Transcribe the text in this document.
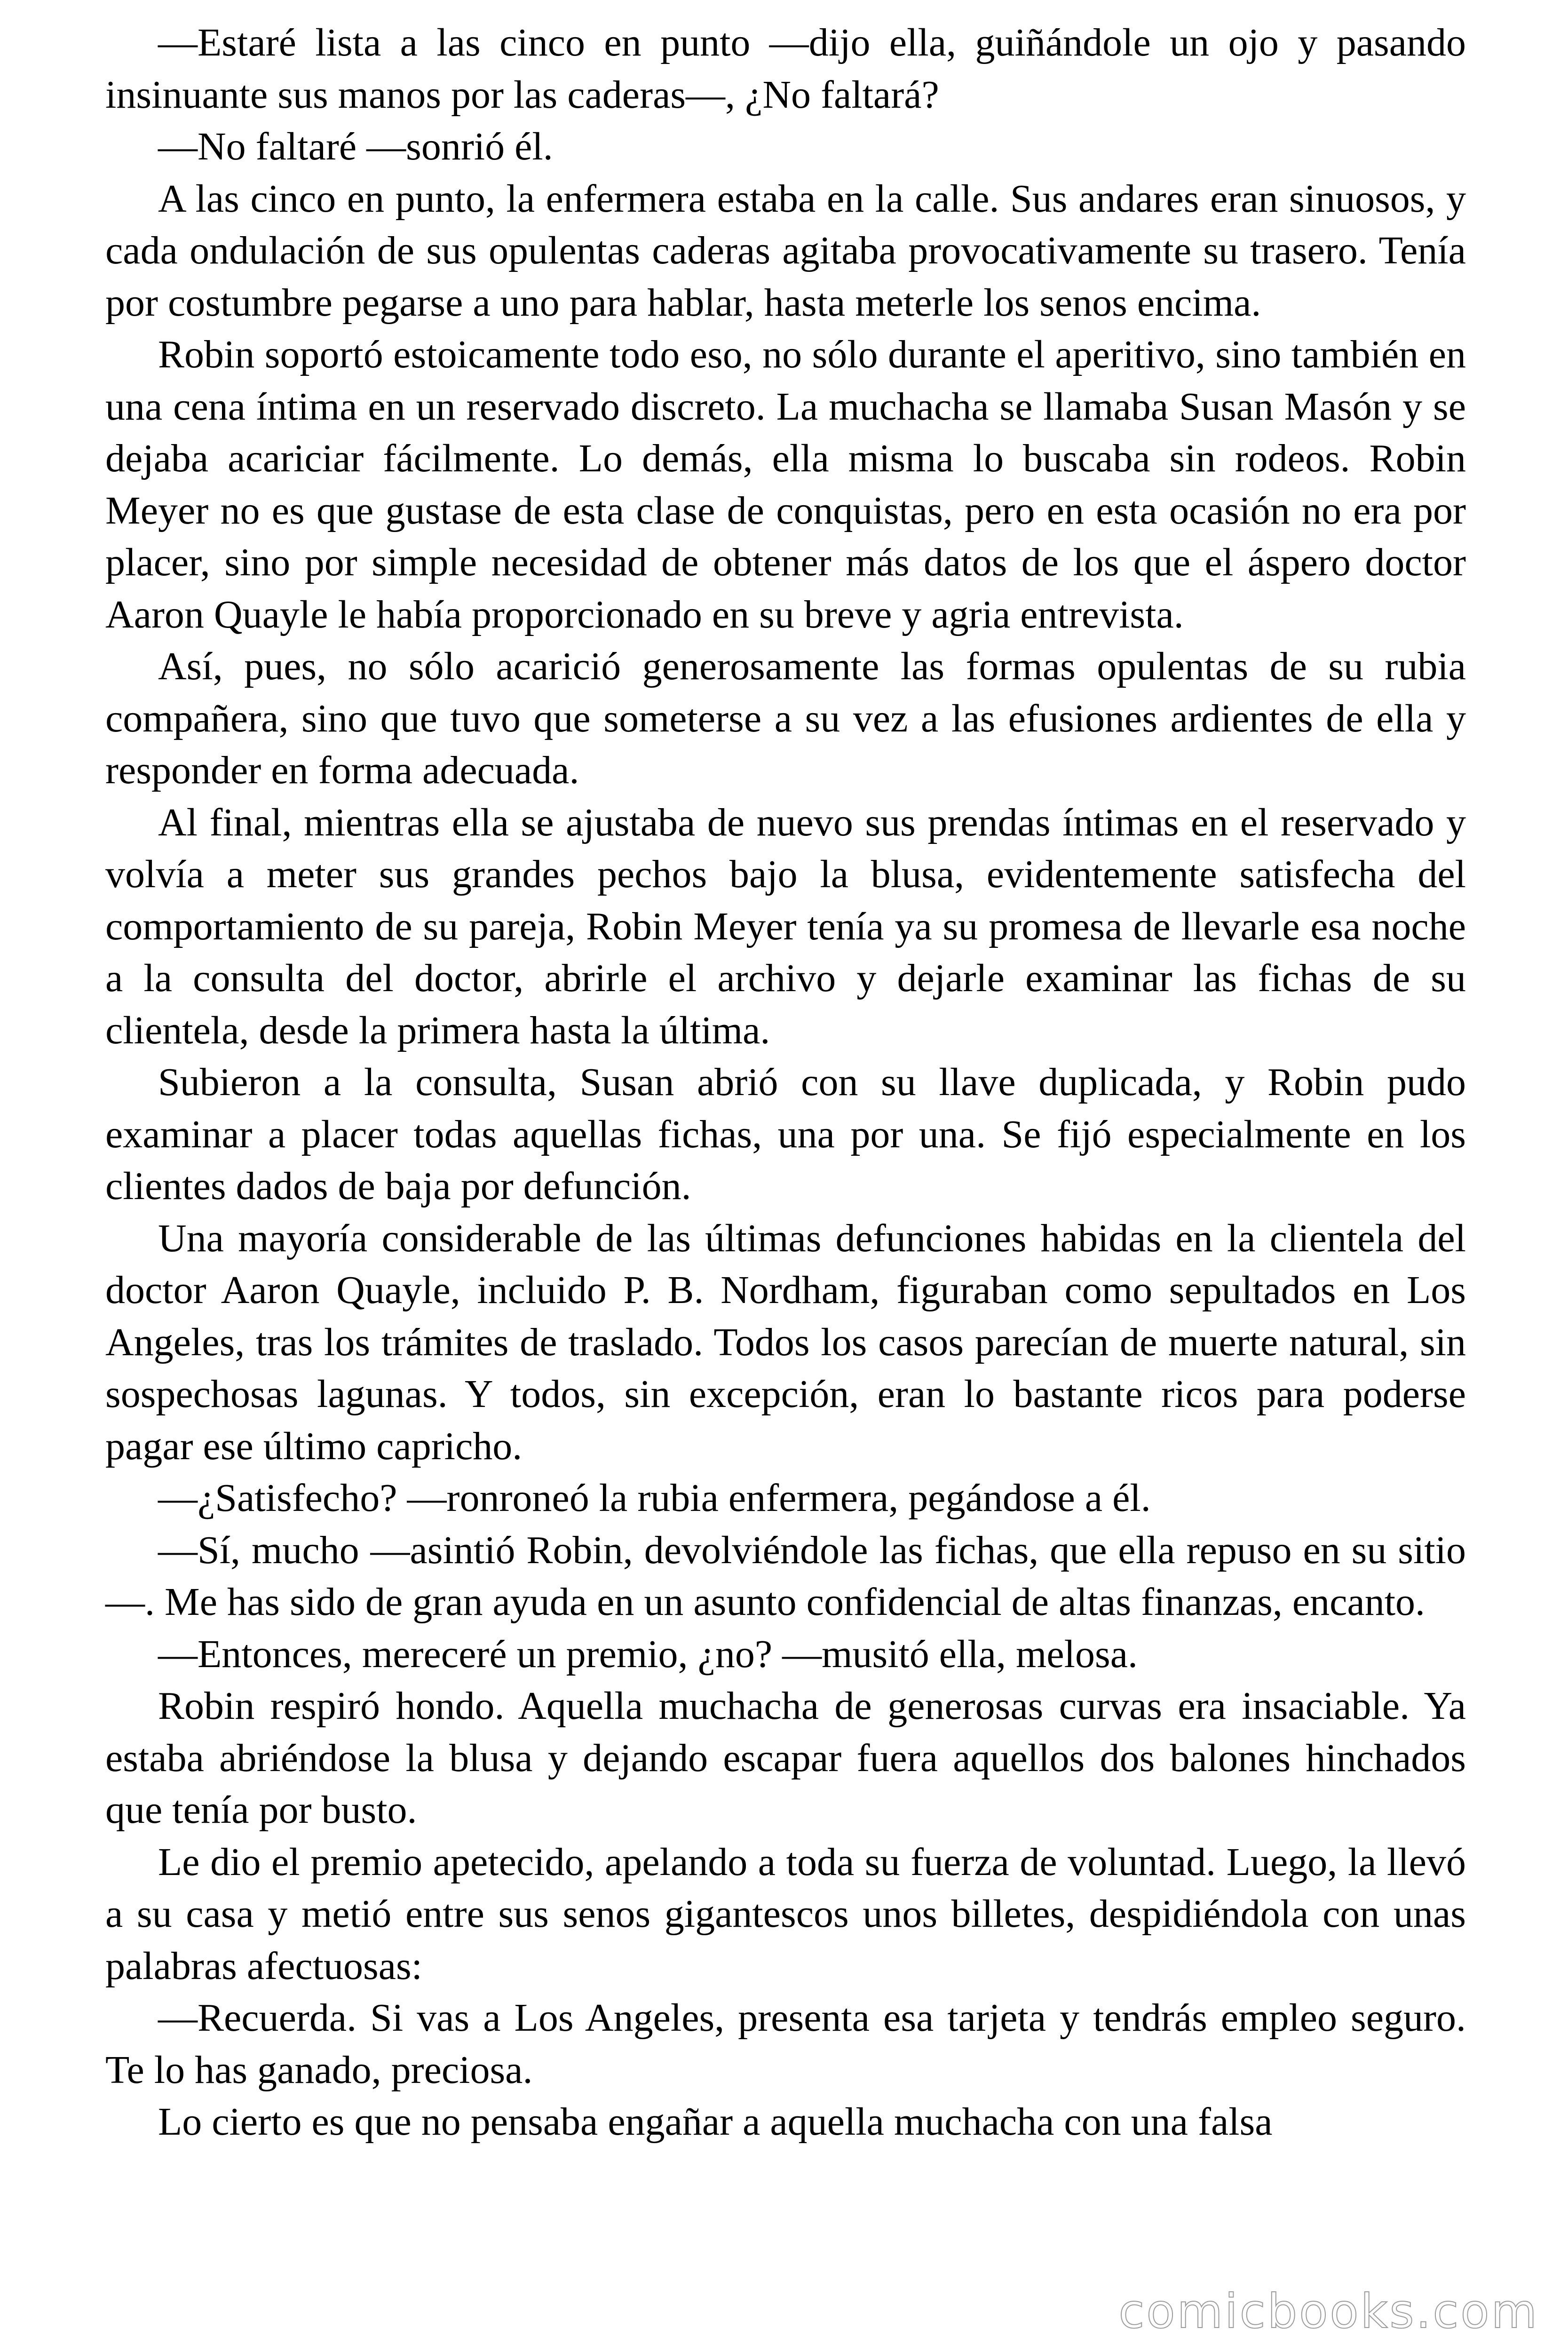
—Estaré lista a las cinco en punto —dijo ella, guiñándole un ojo y pasando insinuante sus manos por las caderas—, ¿No faltará?

—No faltaré —sonrió él.

A las cinco en punto, la enfermera estaba en la calle. Sus andares eran sinuosos, y cada ondulación de sus opulentas caderas agitaba provocativamente su trasero. Tenía por costumbre pegarse a uno para hablar, hasta meterle los senos encima.

Robin soportó estoicamente todo eso, no sólo durante el aperitivo, sino también en una cena íntima en un reservado discreto. La muchacha se llamaba Susan Masón y se dejaba acariciar fácilmente. Lo demás, ella misma lo buscaba sin rodeos. Robin Meyer no es que gustase de esta clase de conquistas, pero en esta ocasión no era por placer, sino por simple necesidad de obtener más datos de los que el áspero doctor Aaron Quayle le había proporcionado en su breve y agria entrevista.

Así, pues, no sólo acarició generosamente las formas opulentas de su rubia compañera, sino que tuvo que someterse a su vez a las efusiones ardientes de ella y responder en forma adecuada.

Al final, mientras ella se ajustaba de nuevo sus prendas íntimas en el reservado y volvía a meter sus grandes pechos bajo la blusa, evidentemente satisfecha del comportamiento de su pareja, Robin Meyer tenía ya su promesa de llevarle esa noche a la consulta del doctor, abrirle el archivo y dejarle examinar las fichas de su clientela, desde la primera hasta la última.

Subieron a la consulta, Susan abrió con su llave duplicada, y Robin pudo examinar a placer todas aquellas fichas, una por una. Se fijó especialmente en los clientes dados de baja por defunción.

Una mayoría considerable de las últimas defunciones habidas en la clientela del doctor Aaron Quayle, incluido P. B. Nordham, figuraban como sepultados en Los Angeles, tras los trámites de traslado. Todos los casos parecían de muerte natural, sin sospechosas lagunas. Y todos, sin excepción, eran lo bastante ricos para poderse pagar ese último capricho.

—¿Satisfecho? —ronroneó la rubia enfermera, pegándose a él.

—Sí, mucho —asintió Robin, devolviéndole las fichas, que ella repuso en su sitio—. Me has sido de gran ayuda en un asunto confidencial de altas finanzas, encanto.

—Entonces, mereceré un premio, ¿no? —musitó ella, melosa.

Robin respiró hondo. Aquella muchacha de generosas curvas era insaciable. Ya estaba abriéndose la blusa y dejando escapar fuera aquellos dos balones hinchados que tenía por busto.

Le dio el premio apetecido, apelando a toda su fuerza de voluntad. Luego, la llevó a su casa y metió entre sus senos gigantescos unos billetes, despidiéndola con unas palabras afectuosas:

—Recuerda. Si vas a Los Angeles, presenta esa tarjeta y tendrás empleo seguro. Te lo has ganado, preciosa.

Lo cierto es que no pensaba engañar a aquella muchacha con una falsa

comicbooks.com
